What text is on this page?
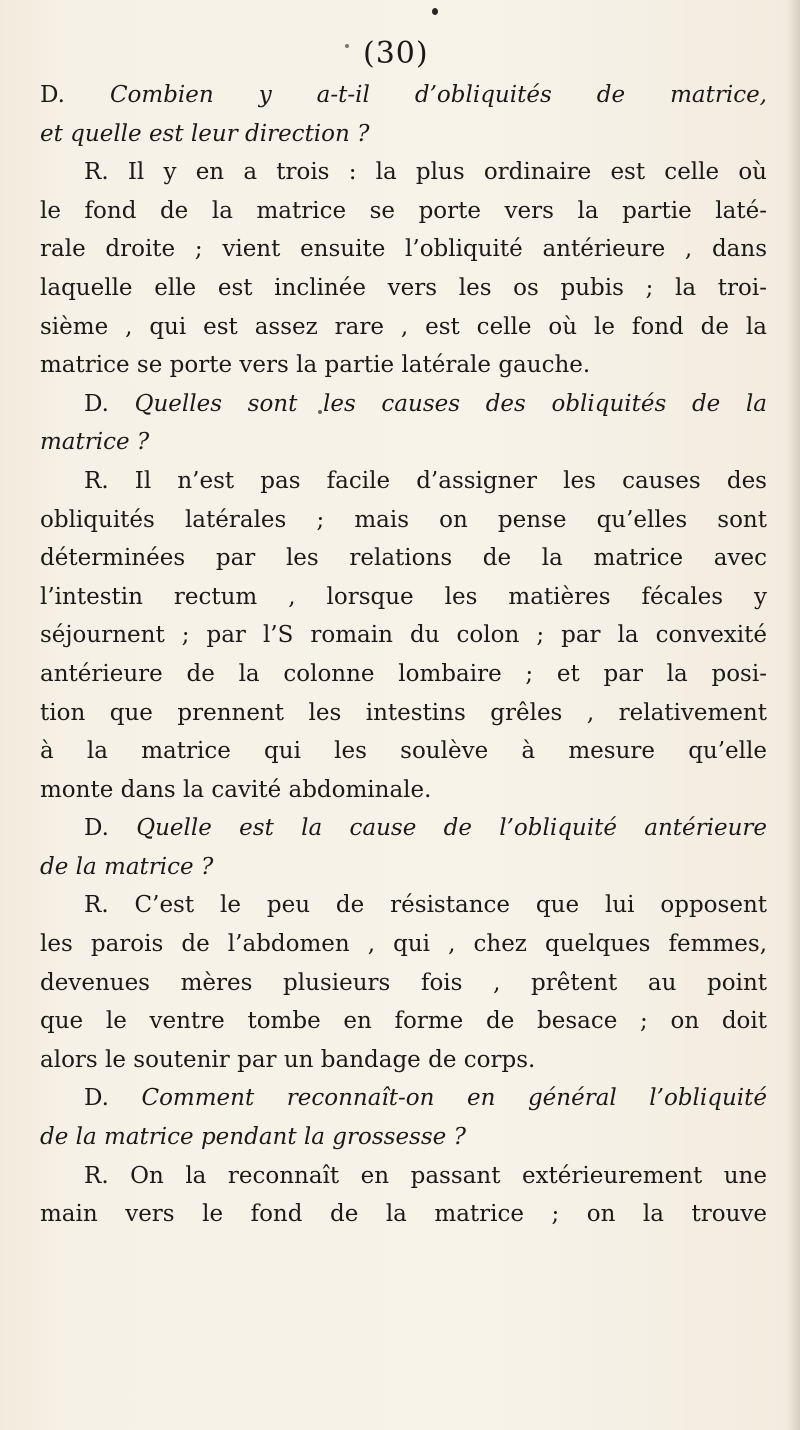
(30)
D. Combien y a-t-il d’obliquités de matrice,
et quelle est leur direction ?
R. Il y en a trois : la plus ordinaire est celle où
le fond de la matrice se porte vers la partie laté-
rale droite ; vient ensuite l’obliquité antérieure , dans
laquelle elle est inclinée vers les os pubis ; la troi-
sième , qui est assez rare , est celle où le fond de la
matrice se porte vers la partie latérale gauche.
D. Quelles sont les causes des obliquités de la
matrice ?
R. Il n’est pas facile d’assigner les causes des
obliquités latérales ; mais on pense qu’elles sont
déterminées par les relations de la matrice avec
l’intestin rectum , lorsque les matières fécales y
séjournent ; par l’S romain du colon ; par la convexité
antérieure de la colonne lombaire ; et par la posi-
tion que prennent les intestins grêles , relativement
à la matrice qui les soulève à mesure qu’elle
monte dans la cavité abdominale.
D. Quelle est la cause de l’obliquité antérieure
de la matrice ?
R. C’est le peu de résistance que lui opposent
les parois de l’abdomen , qui , chez quelques femmes,
devenues mères plusieurs fois , prêtent au point
que le ventre tombe en forme de besace ; on doit
alors le soutenir par un bandage de corps.
D. Comment reconnaît-on en général l’obliquité
de la matrice pendant la grossesse ?
R. On la reconnaît en passant extérieurement une
main vers le fond de la matrice ; on la trouve
